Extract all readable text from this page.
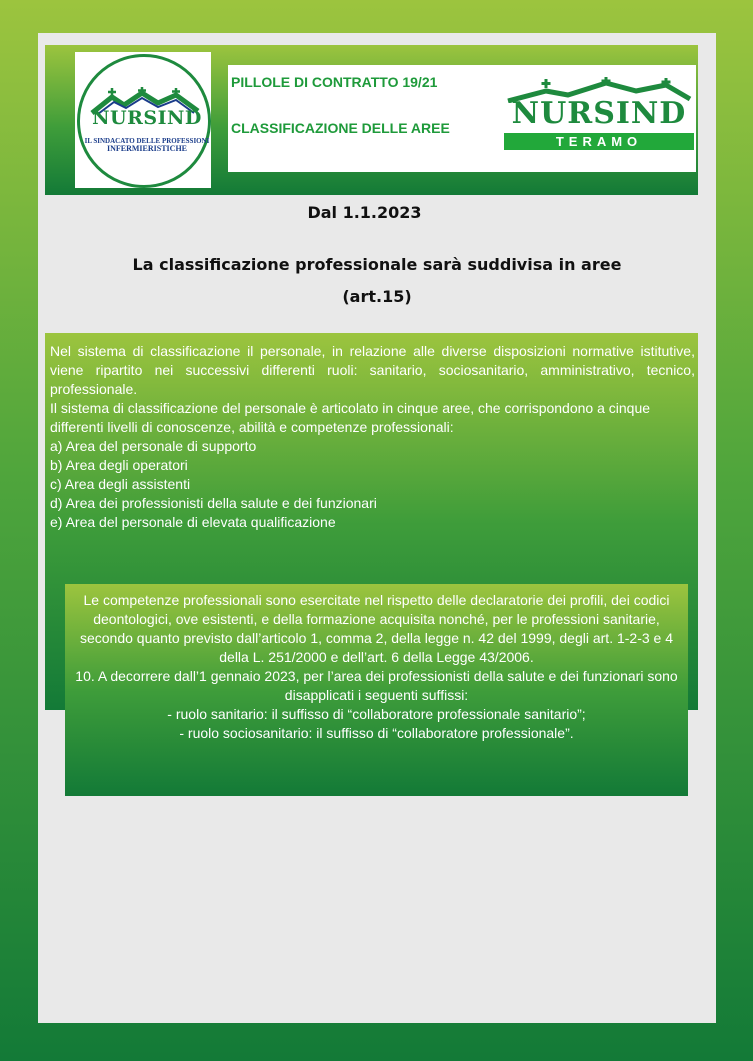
NURSIND
IL SINDACATO DELLE PROFESSIONI
INFERMIERISTICHE
PILLOLE DI CONTRATTO 19/21
CLASSIFICAZIONE DELLE AREE NURSIND
TERAMO
Dal 1.1.2023
La classificazione professionale sarà suddivisa in aree
(art.15)

Nel sistema di classificazione il personale, in relazione alle diverse disposizioni normative istitutive, viene ripartito nei successivi differenti ruoli: sanitario, sociosanitario, amministrativo, tecnico, professionale.

Il sistema di classificazione del personale è articolato in cinque aree, che corrispondono a cinque differenti livelli di conoscenze, abilità e competenze professionali:

a) Area del personale di supporto

b) Area degli operatori

c) Area degli assistenti

d) Area dei professionisti della salute e dei funzionari

e) Area del personale di elevata qualificazione

Le competenze professionali sono esercitate nel rispetto delle declaratorie dei profili, dei codici deontologici, ove esistenti, e della formazione acquisita nonché, per le professioni sanitarie, secondo quanto previsto dall’articolo 1, comma 2, della legge n. 42 del 1999, degli art. 1-2-3 e 4 della L. 251/2000 e dell’art. 6 della Legge 43/2006.

10. A decorrere dall’1 gennaio 2023, per l’area dei professionisti della salute e dei funzionari sono disapplicati i seguenti suffissi:

- ruolo sanitario: il suffisso di “collaboratore professionale sanitario”;

- ruolo sociosanitario: il suffisso di “collaboratore professionale”.
